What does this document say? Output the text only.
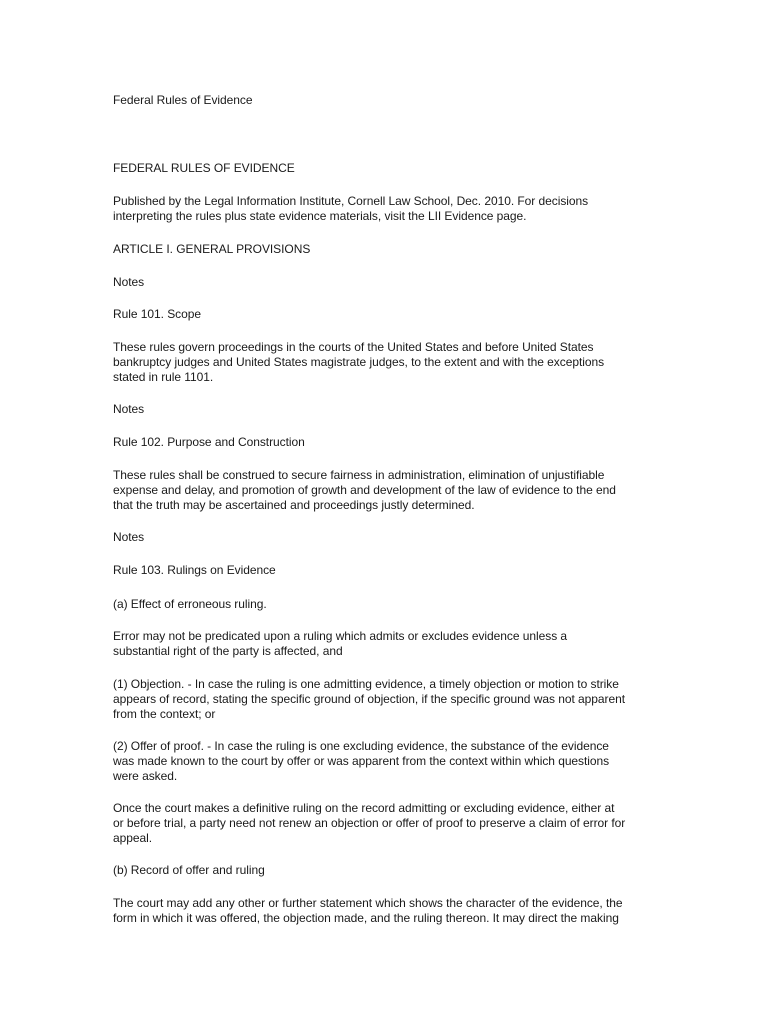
Federal Rules of Evidence

FEDERAL RULES OF EVIDENCE

Published by the Legal Information Institute, Cornell Law School, Dec. 2010. For decisions
interpreting the rules plus state evidence materials, visit the LII Evidence page.

ARTICLE I. GENERAL PROVISIONS

Notes

Rule 101. Scope

These rules govern proceedings in the courts of the United States and before United States
bankruptcy judges and United States magistrate judges, to the extent and with the exceptions
stated in rule 1101.

Notes

Rule 102. Purpose and Construction

These rules shall be construed to secure fairness in administration, elimination of unjustifiable
expense and delay, and promotion of growth and development of the law of evidence to the end
that the truth may be ascertained and proceedings justly determined.

Notes

Rule 103. Rulings on Evidence

(a) Effect of erroneous ruling.

Error may not be predicated upon a ruling which admits or excludes evidence unless a
substantial right of the party is affected, and

(1) Objection. - In case the ruling is one admitting evidence, a timely objection or motion to strike
appears of record, stating the specific ground of objection, if the specific ground was not apparent
from the context; or

(2) Offer of proof. - In case the ruling is one excluding evidence, the substance of the evidence
was made known to the court by offer or was apparent from the context within which questions
were asked.

Once the court makes a definitive ruling on the record admitting or excluding evidence, either at
or before trial, a party need not renew an objection or offer of proof to preserve a claim of error for
appeal.

(b) Record of offer and ruling

The court may add any other or further statement which shows the character of the evidence, the
form in which it was offered, the objection made, and the ruling thereon. It may direct the making
